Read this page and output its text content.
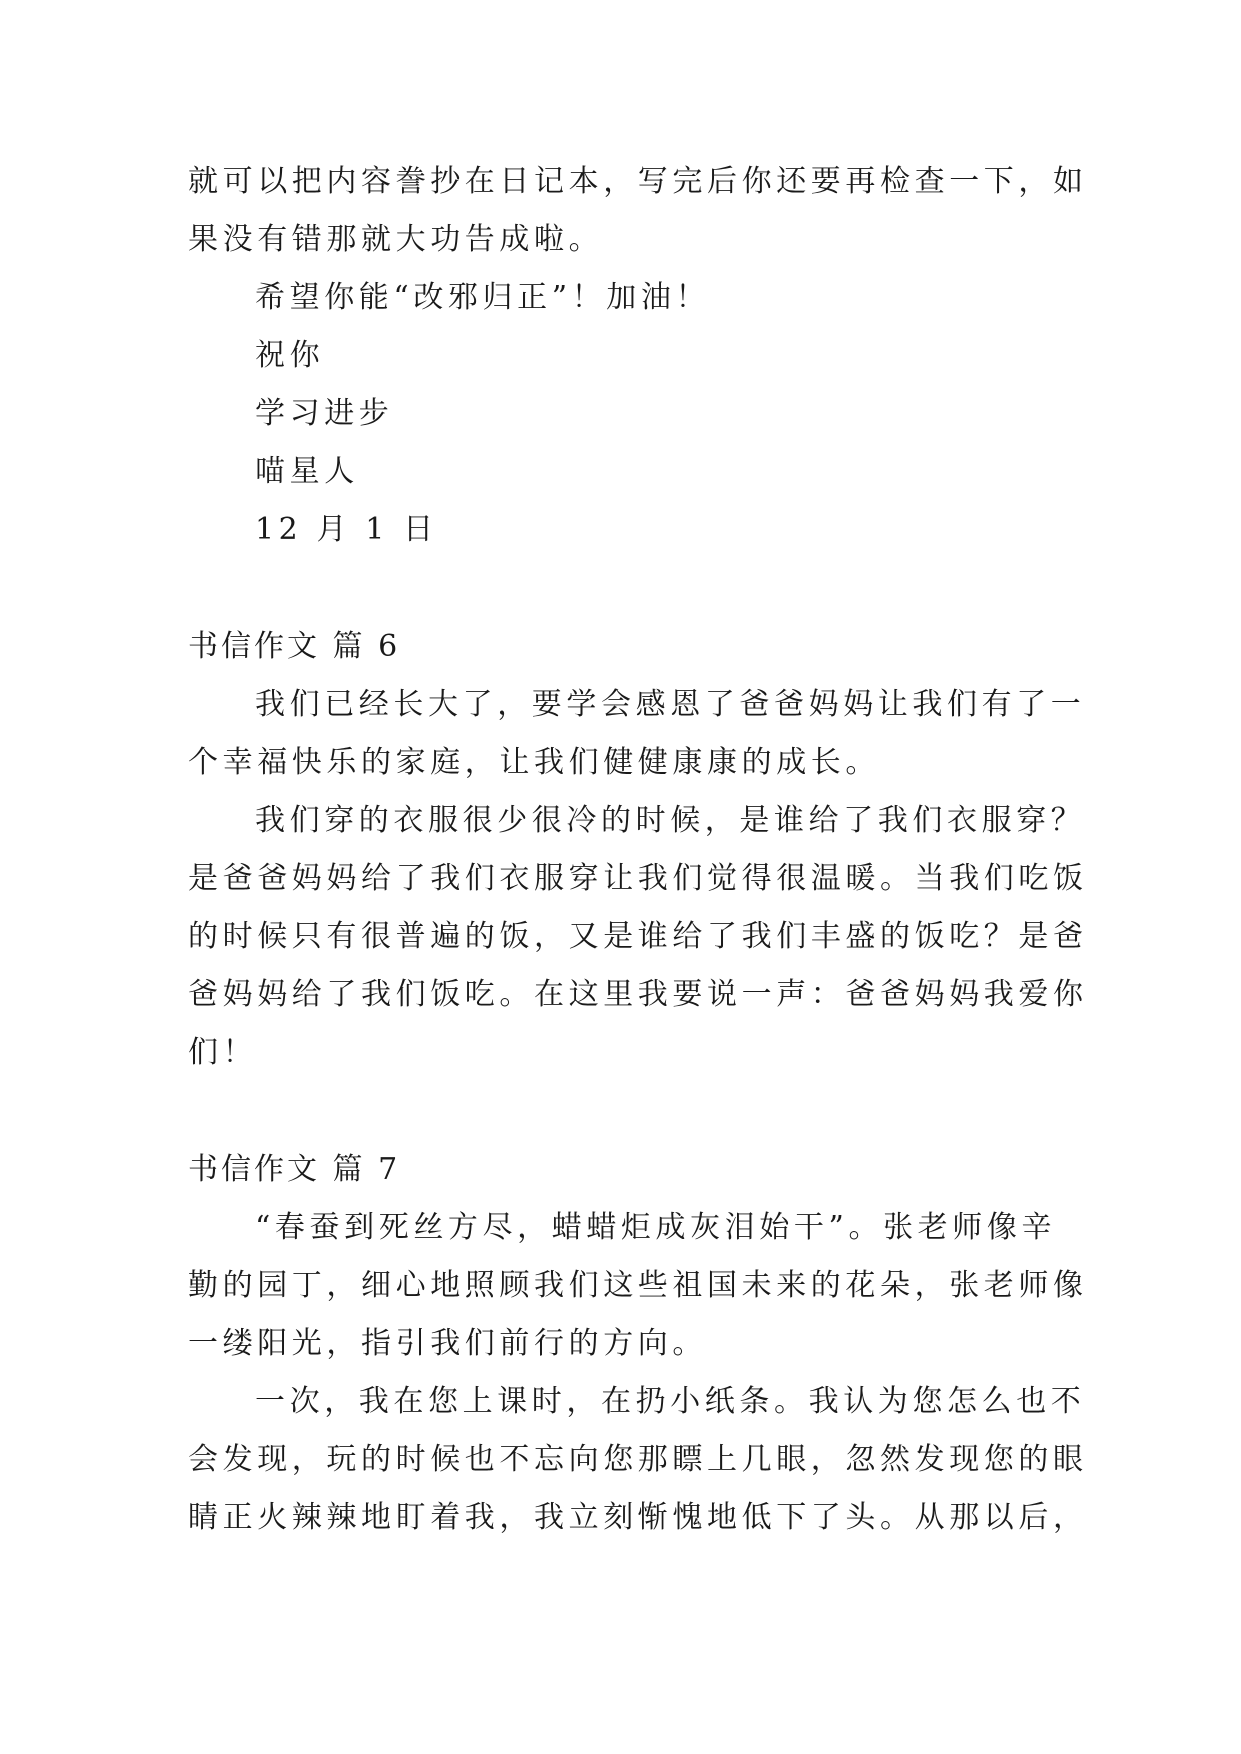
就可以把内容誊抄在日记本，写完后你还要再检查一下，如
果没有错那就大功告成啦。
希望你能“改邪归正”！加油！
祝你
学习进步
喵星人
12 月 1 日
书信作文 篇 6
我们已经长大了，要学会感恩了爸爸妈妈让我们有了一
个幸福快乐的家庭，让我们健健康康的成长。
我们穿的衣服很少很冷的时候，是谁给了我们衣服穿？
是爸爸妈妈给了我们衣服穿让我们觉得很温暖。当我们吃饭
的时候只有很普遍的饭，又是谁给了我们丰盛的饭吃？是爸
爸妈妈给了我们饭吃。在这里我要说一声：爸爸妈妈我爱你
们！
书信作文 篇 7
“春蚕到死丝方尽，蜡蜡炬成灰泪始干”。张老师像辛
勤的园丁，细心地照顾我们这些祖国未来的花朵，张老师像
一缕阳光，指引我们前行的方向。
一次，我在您上课时，在扔小纸条。我认为您怎么也不
会发现，玩的时候也不忘向您那瞟上几眼，忽然发现您的眼
睛正火辣辣地盯着我，我立刻惭愧地低下了头。从那以后，
